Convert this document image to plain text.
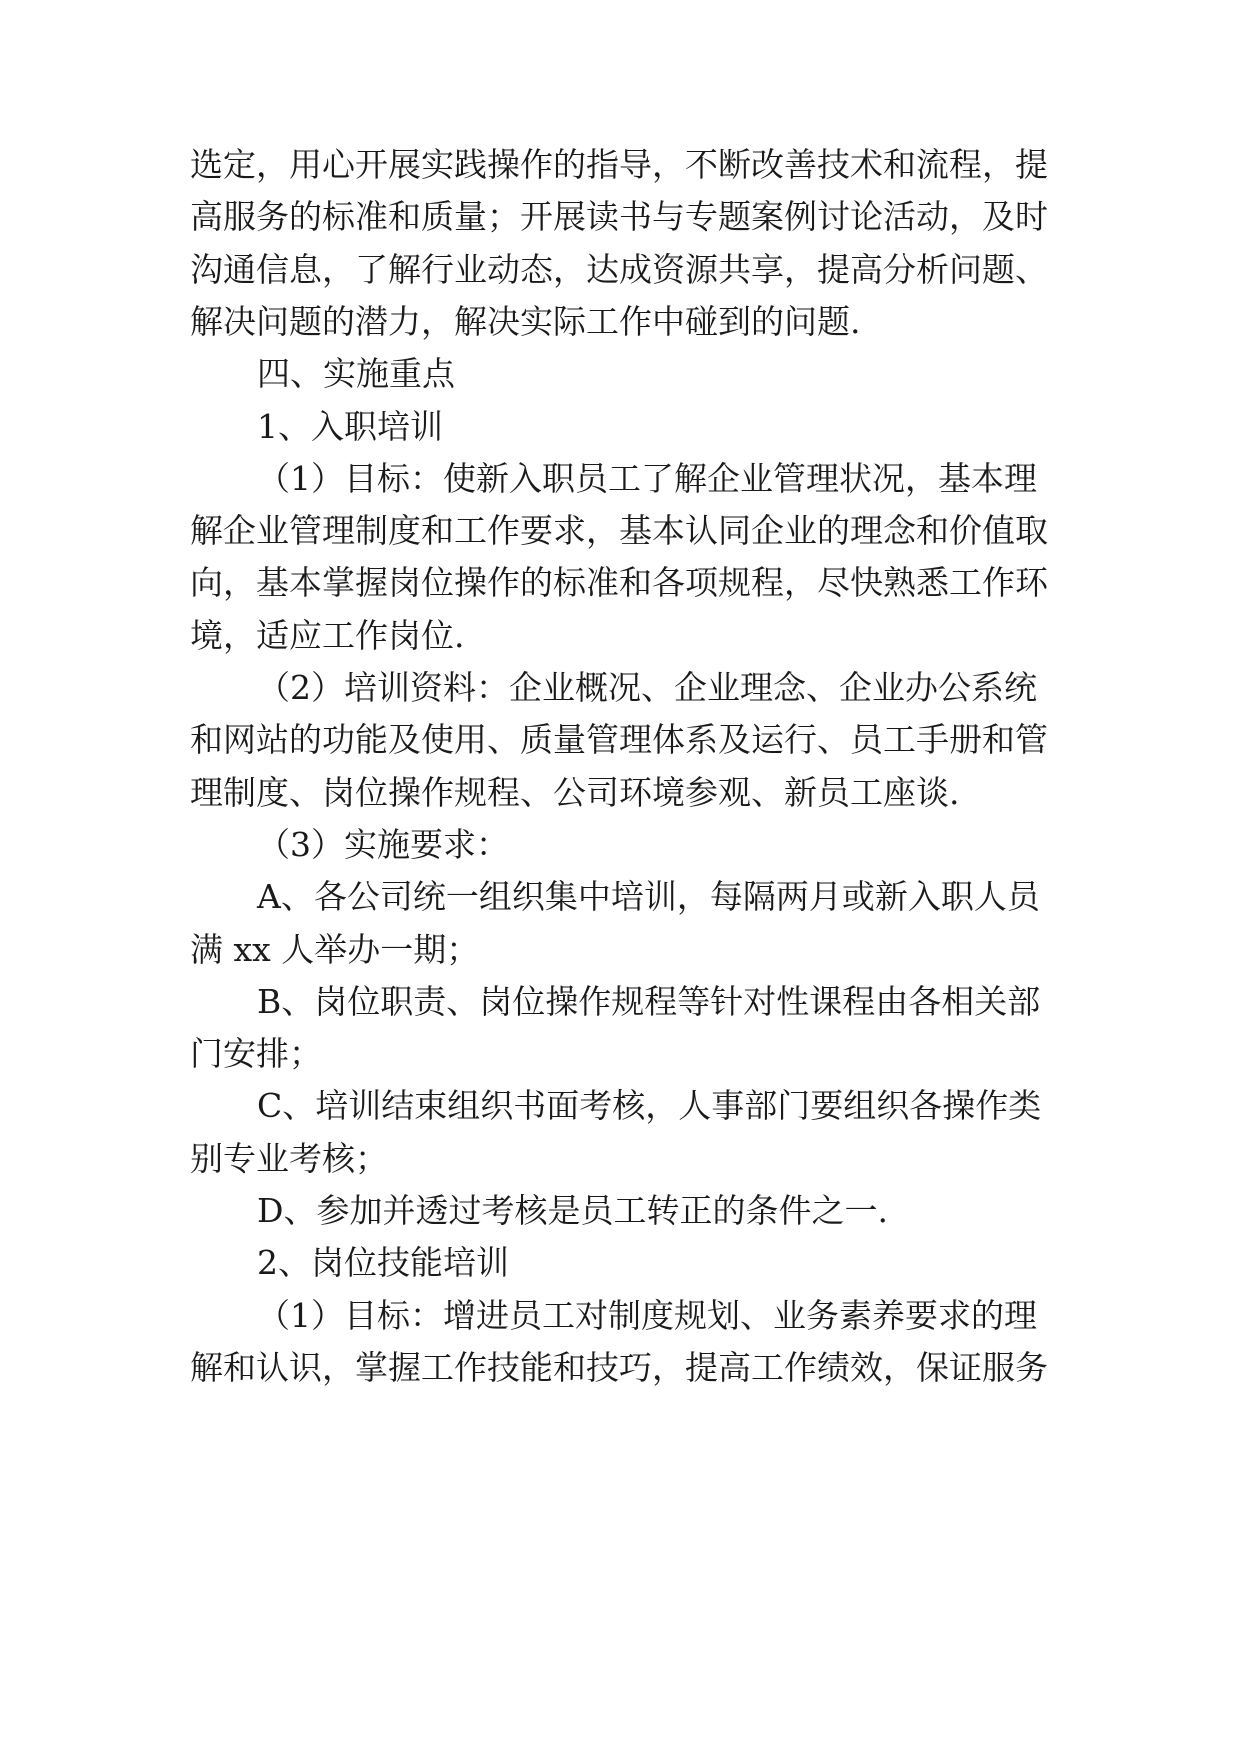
选定，用心开展实践操作的指导，不断改善技术和流程，提
高服务的标准和质量；开展读书与专题案例讨论活动，及时
沟通信息，了解行业动态，达成资源共享，提高分析问题、
解决问题的潜力，解决实际工作中碰到的问题.
四、实施重点
1、入职培训
（1）目标：使新入职员工了解企业管理状况，基本理
解企业管理制度和工作要求，基本认同企业的理念和价值取
向，基本掌握岗位操作的标准和各项规程，尽快熟悉工作环
境，适应工作岗位.
（2）培训资料：企业概况、企业理念、企业办公系统
和网站的功能及使用、质量管理体系及运行、员工手册和管
理制度、岗位操作规程、公司环境参观、新员工座谈.
（3）实施要求：
A、各公司统一组织集中培训，每隔两月或新入职人员
满 xx 人举办一期；
B、岗位职责、岗位操作规程等针对性课程由各相关部
门安排；
C、培训结束组织书面考核，人事部门要组织各操作类
别专业考核；
D、参加并透过考核是员工转正的条件之一.
2、岗位技能培训
（1）目标：增进员工对制度规划、业务素养要求的理
解和认识，掌握工作技能和技巧，提高工作绩效，保证服务
